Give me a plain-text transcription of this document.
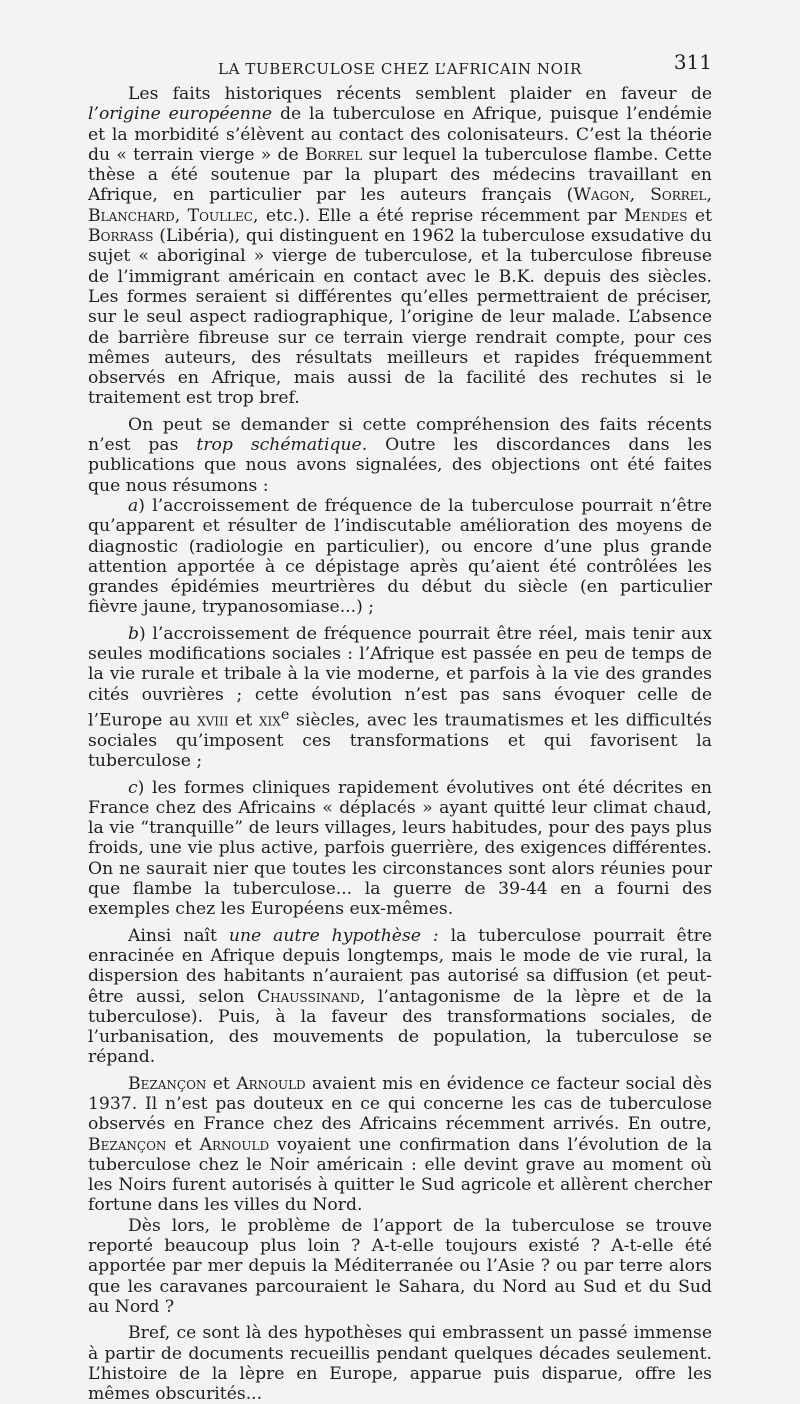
LA TUBERCULOSE CHEZ L’AFRICAIN NOIR	311

Les faits historiques récents semblent plaider en faveur de l’origine européenne de la tuberculose en Afrique, puisque l’endémie et la morbidité s’élèvent au contact des colonisateurs. C’est la théorie du « terrain vierge » de Borrel sur lequel la tuberculose flambe. Cette thèse a été soutenue par la plupart des médecins travaillant en Afrique, en particulier par les auteurs français (Wagon, Sorrel, Blanchard, Toullec, etc.). Elle a été reprise récemment par Mendes et Borrass (Libéria), qui distinguent en 1962 la tuberculose exsudative du sujet « aboriginal » vierge de tuberculose, et la tuberculose fibreuse de l’immigrant américain en contact avec le B.K. depuis des siècles. Les formes seraient si différentes qu’elles permettraient de préciser, sur le seul aspect radiographique, l’origine de leur malade. L’absence de barrière fibreuse sur ce terrain vierge rendrait compte, pour ces mêmes auteurs, des résultats meilleurs et rapides fréquemment observés en Afrique, mais aussi de la facilité des rechutes si le traitement est trop bref.

On peut se demander si cette compréhension des faits récents n’est pas trop schématique. Outre les discordances dans les publications que nous avons signalées, des objections ont été faites que nous résumons :

a) l’accroissement de fréquence de la tuberculose pourrait n’être qu’apparent et résulter de l’indiscutable amélioration des moyens de diagnostic (radiologie en particulier), ou encore d’une plus grande attention apportée à ce dépistage après qu’aient été contrôlées les grandes épidémies meurtrières du début du siècle (en particulier fièvre jaune, trypanosomiase...) ;

b) l’accroissement de fréquence pourrait être réel, mais tenir aux seules modifications sociales : l’Afrique est passée en peu de temps de la vie rurale et tribale à la vie moderne, et parfois à la vie des grandes cités ouvrières ; cette évolution n’est pas sans évoquer celle de l’Europe au xviii et xix$^e$ siècles, avec les traumatismes et les difficultés sociales qu’imposent ces transformations et qui favorisent la tuberculose ;

c) les formes cliniques rapidement évolutives ont été décrites en France chez des Africains « déplacés » ayant quitté leur climat chaud, la vie “tranquille” de leurs villages, leurs habitudes, pour des pays plus froids, une vie plus active, parfois guerrière, des exigences différentes. On ne saurait nier que toutes les circonstances sont alors réunies pour que flambe la tuberculose... la guerre de 39-44 en a fourni des exemples chez les Européens eux-mêmes.

Ainsi naît une autre hypothèse : la tuberculose pourrait être enracinée en Afrique depuis longtemps, mais le mode de vie rural, la dispersion des habitants n’auraient pas autorisé sa diffusion (et peut-être aussi, selon Chaussinand, l’antagonisme de la lèpre et de la tuberculose). Puis, à la faveur des transformations sociales, de l’urbanisation, des mouvements de population, la tuberculose se répand.

Bezançon et Arnould avaient mis en évidence ce facteur social dès 1937. Il n’est pas douteux en ce qui concerne les cas de tuberculose observés en France chez des Africains récemment arrivés. En outre, Bezançon et Arnould voyaient une confirmation dans l’évolution de la tuberculose chez le Noir américain : elle devint grave au moment où les Noirs furent autorisés à quitter le Sud agricole et allèrent chercher fortune dans les villes du Nord.

Dès lors, le problème de l’apport de la tuberculose se trouve reporté beaucoup plus loin ? A-t-elle toujours existé ? A-t-elle été apportée par mer depuis la Méditerranée ou l’Asie ? ou par terre alors que les caravanes parcouraient le Sahara, du Nord au Sud et du Sud au Nord ?

Bref, ce sont là des hypothèses qui embrassent un passé immense à partir de documents recueillis pendant quelques décades seulement. L’histoire de la lèpre en Europe, apparue puis disparue, offre les mêmes obscurités...
